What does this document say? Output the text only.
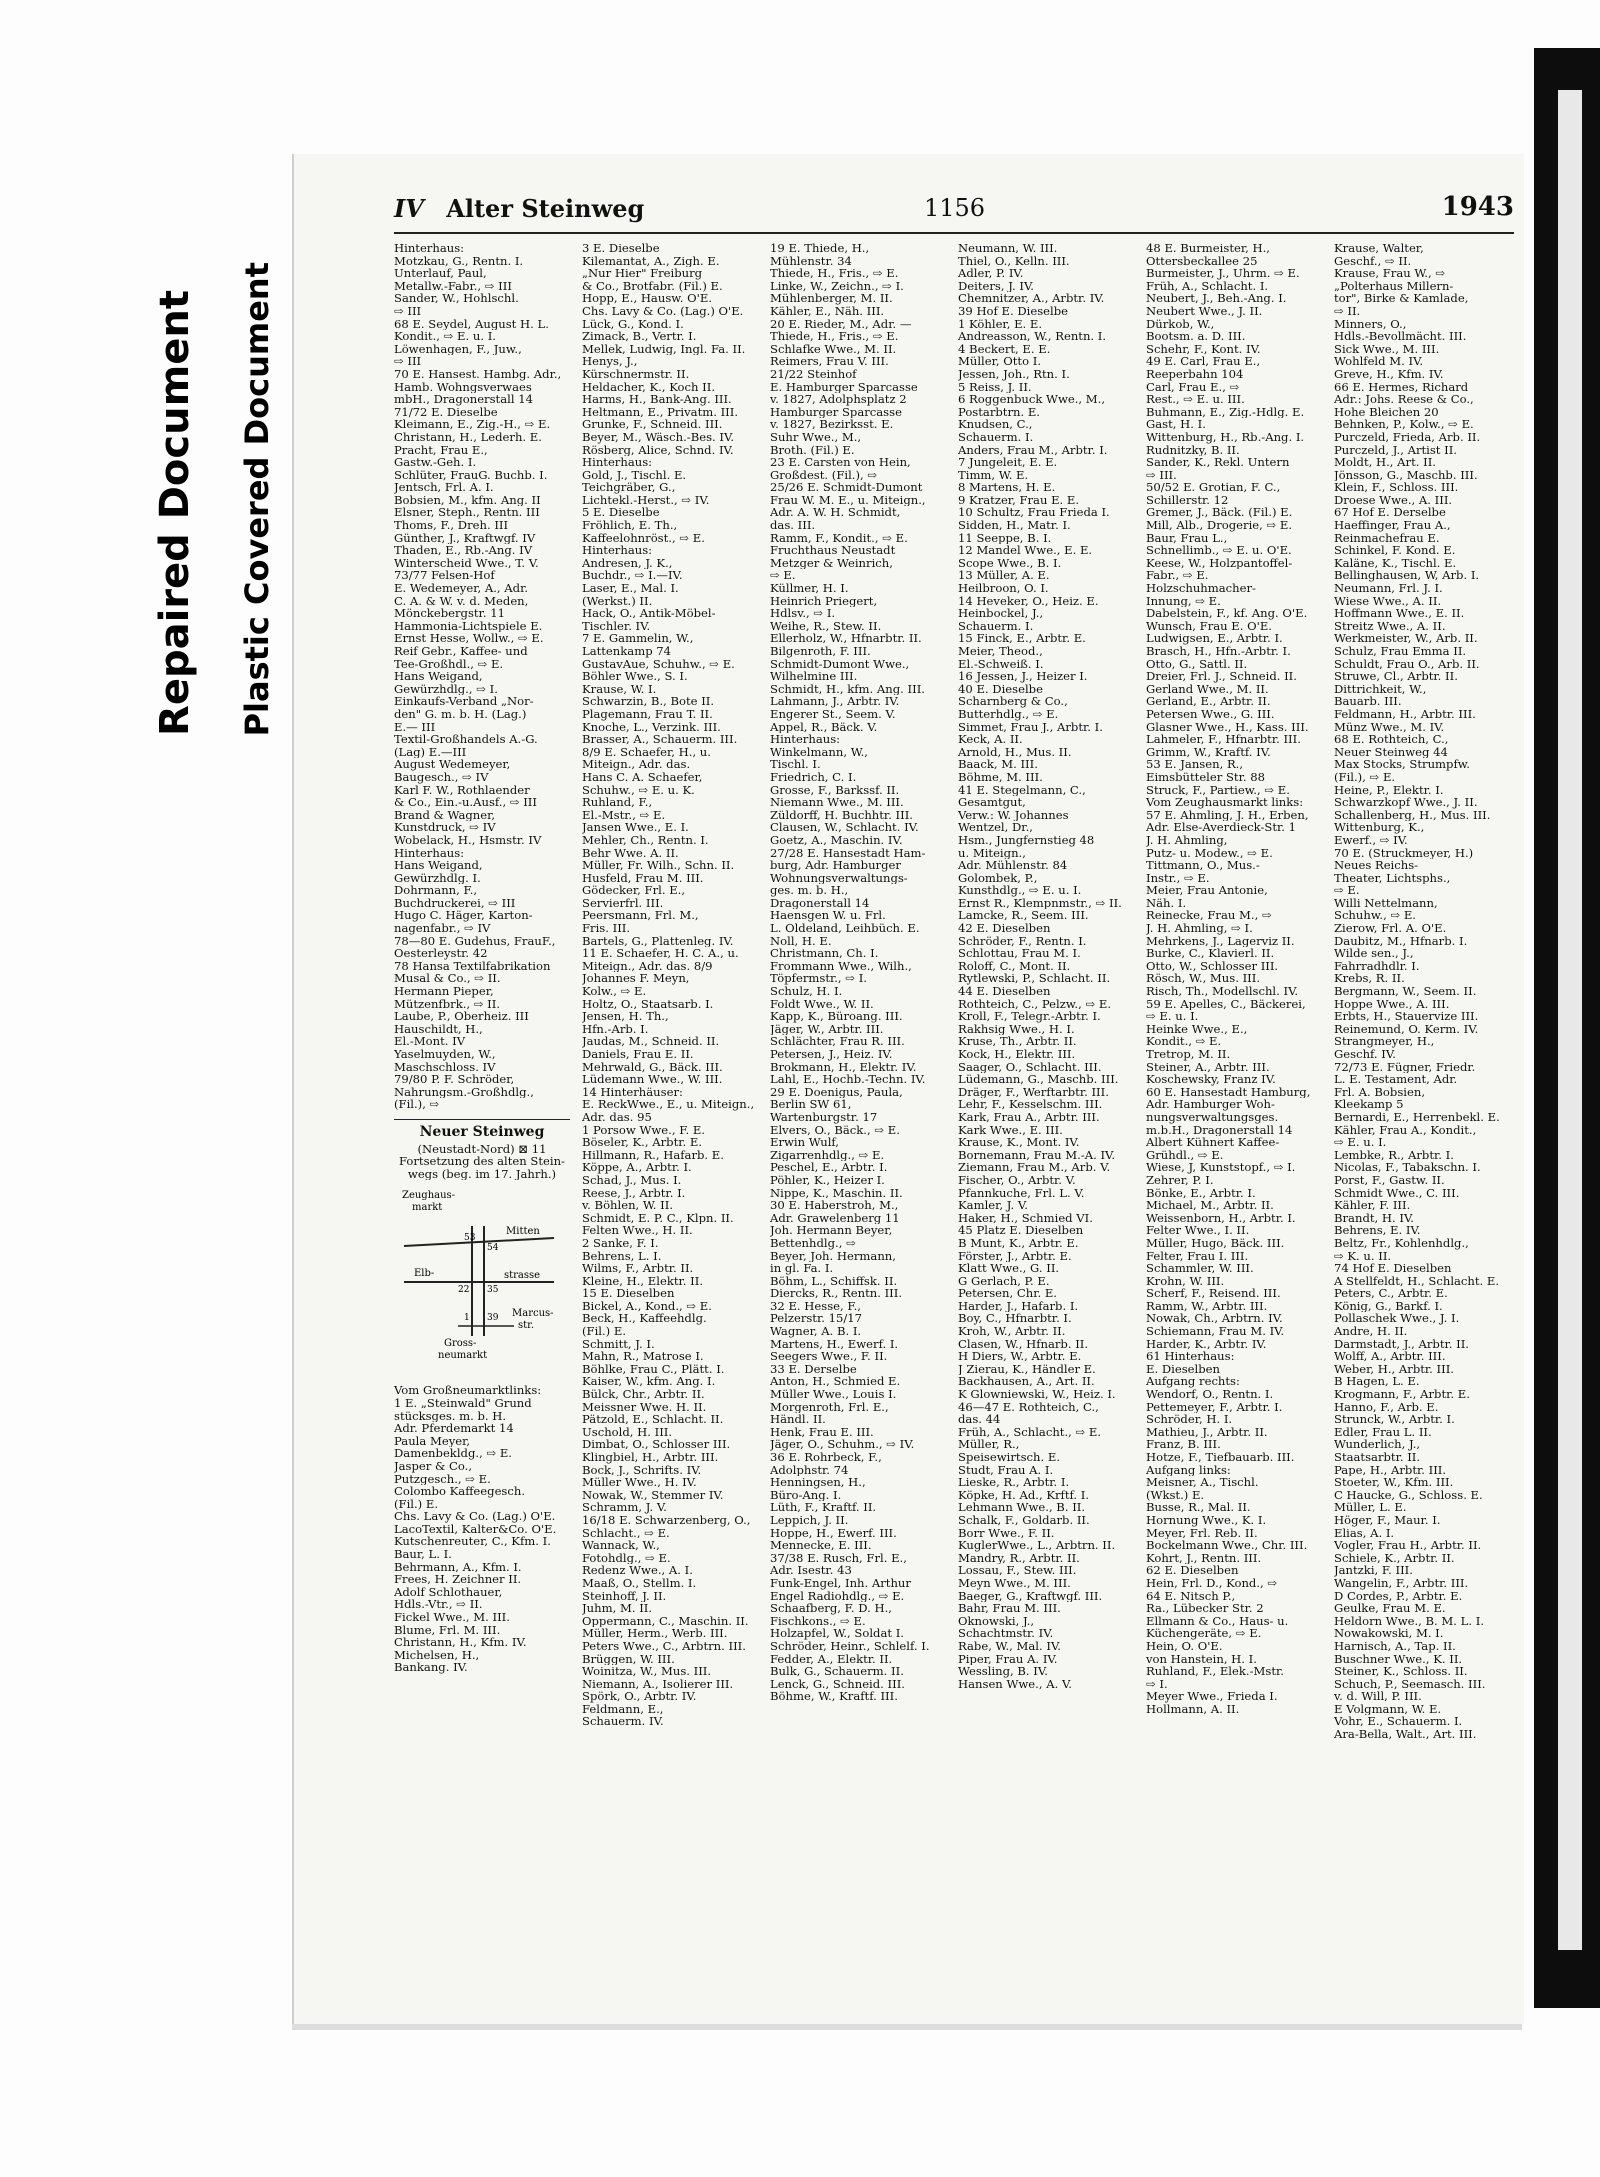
Repaired Document Plastic Covered Document
IV Alter Steinweg	1156	1943
Hinterhaus:
Motzkau, G., Rentn. I.
Unterlauf, Paul,
Metallw.-Fabr., ⇨ III
Sander, W., Hohlschl.
⇨ III
68 E. Seydel, August H. L.
Kondit., ⇨ E. u. I.
Löwenhagen, F., Juw.,
⇨ III
70 E. Hansest. Hambg. Adr.,
Hamb. Wohngsverwaes
mbH., Dragonerstall 14
71/72 E. Dieselbe
Kleimann, E., Zig.-H., ⇨ E.
Christann, H., Lederh. E.
Pracht, Frau E.,
Gastw.-Geh. I.
Schlüter, FrauG. Buchb. I.
Jentsch, Frl. A. I.
Bobsien, M., kfm. Ang. II
Elsner, Steph., Rentn. III
Thoms, F., Dreh. III
Günther, J., Kraftwgf. IV
Thaden, E., Rb.-Ang. IV
Winterscheid Wwe., T. V.
73/77 Felsen-Hof
E. Wedemeyer, A., Adr.
C. A. & W. v. d. Meden,
Mönckebergstr. 11
Hammonia-Lichtspiele E.
Ernst Hesse, Wollw., ⇨ E.
Reif Gebr., Kaffee- und
Tee-Großhdl., ⇨ E.
Hans Weigand,
Gewürzhdlg., ⇨ I.
Einkaufs-Verband „Nor-
den" G. m. b. H. (Lag.)
E.— III
Textil-Großhandels A.-G.
(Lag) E.—III
August Wedemeyer,
Baugesch., ⇨ IV
Karl F. W., Rothlaender
& Co., Ein.-u.Ausf., ⇨ III
Brand & Wagner,
Kunstdruck, ⇨ IV
Wobelack, H., Hsmstr. IV
Hinterhaus:
Hans Weigand,
Gewürzhdlg. I.
Dohrmann, F.,
Buchdruckerei, ⇨ III
Hugo C. Häger, Karton-
nagenfabr., ⇨ IV
78—80 E. Gudehus, FrauF.,
Oesterleystr. 42
78 Hansa Textilfabrikation
Musal & Co., ⇨ II.
Hermann Pieper,
Mützenfbrk., ⇨ II.
Laube, P., Oberheiz. III
Hauschildt, H.,
El.-Mont. IV
Yaselmuyden, W.,
Maschschloss. IV
79/80 P. F. Schröder,
Nahrungsm.-Großhdlg.,
(Fil.), ⇨
Neuer Steinweg
(Neustadt-Nord) ⊠ 11
Fortsetzung des alten Stein-
wegs (beg. im 17. Jahrh.)
Zeughaus-
markt
Mitten
53
54
Elb-	strasse
22 35
1 39 Marcus-
str.
Gross-
neumarkt
Vom Großneumarktlinks:
1 E. „Steinwald" Grund
stücksges. m. b. H.
Adr. Pferdemarkt 14
Paula Meyer,
Damenbekldg., ⇨ E.
Jasper & Co.,
Putzgesch., ⇨ E.
Colombo Kaffeegesch.
(Fil.) E.
Chs. Lavy & Co. (Lag.) O'E.
LacoTextil, Kalter&Co. O'E.
Kutschenreuter, C., Kfm. I.
Baur, L. I.
Behrmann, A., Kfm. I.
Frees, H. Zeichner II.
Adolf Schlothauer,
Hdls.-Vtr., ⇨ II.
Fickel Wwe., M. III.
Blume, Frl. M. III.
Christann, H., Kfm. IV.
Michelsen, H.,
Bankang. IV.
3 E. Dieselbe
Kilemantat, A., Zigh. E.
„Nur Hier" Freiburg
& Co., Brotfabr. (Fil.) E.
Hopp, E., Hausw. O'E.
Chs. Lavy & Co. (Lag.) O'E.
Lück, G., Kond. I.
Zimack, B., Vertr. I.
Mellek, Ludwig, Ingl. Fa. II.
Henys, J.,
Kürschnermstr. II.
Heldacher, K., Koch II.
Harms, H., Bank-Ang. III.
Heltmann, E., Privatm. III.
Grunke, F., Schneid. III.
Beyer, M., Wäsch.-Bes. IV.
Rösberg, Alice, Schnd. IV.
Hinterhaus:
Gold, J., Tischl. E.
Teichgräber, G.,
Lichtekl.-Herst., ⇨ IV.
5 E. Dieselbe
Fröhlich, E. Th.,
Kaffeelohnröst., ⇨ E.
Hinterhaus:
Andresen, J. K.,
Buchdr., ⇨ I.—IV.
Laser, E., Mal. I.
(Werkst.) II.
Hack, O., Antik-Möbel-
Tischler. IV.
7 E. Gammelin, W.,
Lattenkamp 74
GustavAue, Schuhw., ⇨ E.
Böhler Wwe., S. I.
Krause, W. I.
Schwarzin, B., Bote II.
Plagemann, Frau T. II.
Knoche, L., Verzink. III.
Brasser, A., Schauerm. III.
8/9 E. Schaefer, H., u.
Miteign., Adr. das.
Hans C. A. Schaefer,
Schuhw., ⇨ E. u. K.
Ruhland, F.,
El.-Mstr., ⇨ E.
Jansen Wwe., E. I.
Mehler, Ch., Rentn. I.
Behr Wwe. A. II.
Müller, Fr. Wilh., Schn. II.
Husfeld, Frau M. III.
Gödecker, Frl. E.,
Servierfrl. III.
Peersmann, Frl. M.,
Fris. III.
Bartels, G., Plattenleg. IV.
11 E. Schaefer, H. C. A., u.
Miteign., Adr. das. 8/9
Johannes F. Meyn,
Kolw., ⇨ E.
Holtz, O., Staatsarb. I.
Jensen, H. Th.,
Hfn.-Arb. I.
Jaudas, M., Schneid. II.
Daniels, Frau E. II.
Mehrwald, G., Bäck. III.
Lüdemann Wwe., W. III.
14 Hinterhäuser:
E. ReckWwe., E., u. Miteign.,
Adr. das. 95
1 Porsow Wwe., F. E.
Böseler, K., Arbtr. E.
Hillmann, R., Hafarb. E.
Köppe, A., Arbtr. I.
Schad, J., Mus. I.
Reese, J., Arbtr. I.
v. Böhlen, W. II.
Schmidt, E. P. C., Klpn. II.
Felten Wwe., H. II.
2 Sanke, F. I.
Behrens, L. I.
Wilms, F., Arbtr. II.
Kleine, H., Elektr. II.
15 E. Dieselben
Bickel, A., Kond., ⇨ E.
Beck, H., Kaffeehdlg.
(Fil.) E.
Schmitt, J. I.
Mahn, R., Matrose I.
Böhlke, Frau C., Plätt. I.
Kaiser, W., kfm. Ang. I.
Bülck, Chr., Arbtr. II.
Meissner Wwe. H. II.
Pätzold, E., Schlacht. II.
Uschold, H. III.
Dimbat, O., Schlosser III.
Klingbiel, H., Arbtr. III.
Bock, J., Schrifts. IV.
Müller Wwe., H. IV.
Nowak, W., Stemmer IV.
Schramm, J. V.
16/18 E. Schwarzenberg, O.,
Schlacht., ⇨ E.
Wannack, W.,
Fotohdlg., ⇨ E.
Redenz Wwe., A. I.
Maaß, O., Stellm. I.
Steinhoff, J. II.
Juhm, M. II.
Oppermann, C., Maschin. II.
Müller, Herm., Werb. III.
Peters Wwe., C., Arbtrn. III.
Brüggen, W. III.
Woinitza, W., Mus. III.
Niemann, A., Isolierer III.
Spörk, O., Arbtr. IV.
Feldmann, E.,
Schauerm. IV.
19 E. Thiede, H.,
Mühlenstr. 34
Thiede, H., Fris., ⇨ E.
Linke, W., Zeichn., ⇨ I.
Mühlenberger, M. II.
Kähler, E., Näh. III.
20 E. Rieder, M., Adr. —
Thiede, H., Fris., ⇨ E.
Schlafke Wwe., M. II.
Reimers, Frau V. III.
21/22 Steinhof
E. Hamburger Sparcasse
v. 1827, Adolphsplatz 2
Hamburger Sparcasse
v. 1827, Bezirksst. E.
Suhr Wwe., M.,
Broth. (Fil.) E.
23 E. Carsten von Hein,
Großdest. (Fil.), ⇨
25/26 E. Schmidt-Dumont
Frau W. M. E., u. Miteign.,
Adr. A. W. H. Schmidt,
das. III.
Ramm, F., Kondit., ⇨ E.
Fruchthaus Neustadt
Metzger & Weinrich,
⇨ E.
Küllmer, H. I.
Heinrich Priegert,
Hdlsv., ⇨ I.
Weihe, R., Stew. II.
Ellerholz, W., Hfnarbtr. II.
Bilgenroth, F. III.
Schmidt-Dumont Wwe.,
Wilhelmine III.
Schmidt, H., kfm. Ang. III.
Lahmann, J., Arbtr. IV.
Engerer St., Seem. V.
Appel, R., Bäck. V.
Hinterhaus:
Winkelmann, W.,
Tischl. I.
Friedrich, C. I.
Grosse, F., Barkssf. II.
Niemann Wwe., M. III.
Züldorff, H. Buchhtr. III.
Clausen, W., Schlacht. IV.
Goetz, A., Maschin. IV.
27/28 E. Hansestadt Ham-
burg, Adr. Hamburger
Wohnungsverwaltungs-
ges. m. b. H.,
Dragonerstall 14
Haensgen W. u. Frl.
L. Oldeland, Leihbüch. E.
Noll, H. E.
Christmann, Ch. I.
Frommann Wwe., Wilh.,
Töpfermstr., ⇨ I.
Schulz, H. I.
Foldt Wwe., W. II.
Kapp, K., Büroang. III.
Jäger, W., Arbtr. III.
Schlächter, Frau R. III.
Petersen, J., Heiz. IV.
Brokmann, H., Elektr. IV.
Lahl, E., Hochb.-Techn. IV.
29 E. Doenigus, Paula,
Berlin SW 61,
Wartenburgstr. 17
Elvers, O., Bäck., ⇨ E.
Erwin Wulf,
Zigarrenhdlg., ⇨ E.
Peschel, E., Arbtr. I.
Pöhler, K., Heizer I.
Nippe, K., Maschin. II.
30 E. Haberstroh, M.,
Adr. Grawelenberg 11
Joh. Hermann Beyer,
Bettenhdlg., ⇨
Beyer, Joh. Hermann,
in gl. Fa. I.
Böhm, L., Schiffsk. II.
Diercks, R., Rentn. III.
32 E. Hesse, F.,
Pelzerstr. 15/17
Wagner, A. B. I.
Martens, H., Ewerf. I.
Seegers Wwe., F. II.
33 E. Derselbe
Anton, H., Schmied E.
Müller Wwe., Louis I.
Morgenroth, Frl. E.,
Händl. II.
Henk, Frau E. III.
Jäger, O., Schuhm., ⇨ IV.
36 E. Rohrbeck, F.,
Adolphstr. 74
Henningsen, H.,
Büro-Ang. I.
Lüth, F., Kraftf. II.
Leppich, J. II.
Hoppe, H., Ewerf. III.
Mennecke, E. III.
37/38 E. Rusch, Frl. E.,
Adr. Isestr. 43
Funk-Engel, Inh. Arthur
Engel Radiohdlg., ⇨ E.
Schaafberg, F. D. H.,
Fischkons., ⇨ E.
Holzapfel, W., Soldat I.
Schröder, Heinr., Schlelf. I.
Fedder, A., Elektr. II.
Bulk, G., Schauerm. II.
Lenck, G., Schneid. III.
Böhme, W., Kraftf. III.
Neumann, W. III.
Thiel, O., Kelln. III.
Adler, P. IV.
Deiters, J. IV.
Chemnitzer, A., Arbtr. IV.
39 Hof E. Dieselbe
1 Köhler, E. E.
Andreasson, W., Rentn. I.
4 Beckert, E. E.
Müller, Otto I.
Jessen, Joh., Rtn. I.
5 Reiss, J. II.
6 Roggenbuck Wwe., M.,
Postarbtrn. E.
Knudsen, C.,
Schauerm. I.
Anders, Frau M., Arbtr. I.
7 Jungeleit, E. E.
Timm, W. E.
8 Martens, H. E.
9 Kratzer, Frau E. E.
10 Schultz, Frau Frieda I.
Sidden, H., Matr. I.
11 Seeppe, B. I.
12 Mandel Wwe., E. E.
Scope Wwe., B. I.
13 Müller, A. E.
Heilbroon, O. I.
14 Heveker, O., Heiz. E.
Heinbockel, J.,
Schauerm. I.
15 Finck, E., Arbtr. E.
Meier, Theod.,
El.-Schweiß. I.
16 Jessen, J., Heizer I.
40 E. Dieselbe
Scharnberg & Co.,
Butterhdlg., ⇨ E.
Simmet, Frau J., Arbtr. I.
Keck, A. II.
Arnold, H., Mus. II.
Baack, M. III.
Böhme, M. III.
41 E. Stegelmann, C.,
Gesamtgut,
Verw.: W. Johannes
Wentzel, Dr.,
Hsm., Jungfernstieg 48
u. Miteign.,
Adr. Mühlenstr. 84
Golombek, P.,
Kunsthdlg., ⇨ E. u. I.
Ernst R., Klempnmstr., ⇨ II.
Lamcke, R., Seem. III.
42 E. Dieselben
Schröder, F., Rentn. I.
Schlottau, Frau M. I.
Roloff, C., Mont. II.
Rytlewski, P., Schlacht. II.
44 E. Dieselben
Rothteich, C., Pelzw., ⇨ E.
Kroll, F., Telegr.-Arbtr. I.
Rakhsig Wwe., H. I.
Kruse, Th., Arbtr. II.
Kock, H., Elektr. III.
Saager, O., Schlacht. III.
Lüdemann, G., Maschb. III.
Dräger, F., Werftarbtr. III.
Lehr, F., Kesselschm. III.
Kark, Frau A., Arbtr. III.
Kark Wwe., E. III.
Krause, K., Mont. IV.
Bornemann, Frau M.-A. IV.
Ziemann, Frau M., Arb. V.
Fischer, O., Arbtr. V.
Pfannkuche, Frl. L. V.
Kamler, J. V.
Haker, H., Schmied VI.
45 Platz E. Dieselben
B Munt, K., Arbtr. E.
Förster, J., Arbtr. E.
Klatt Wwe., G. II.
G Gerlach, P. E.
Petersen, Chr. E.
Harder, J., Hafarb. I.
Boy, C., Hfnarbtr. I.
Kroh, W., Arbtr. II.
Clasen, W., Hfnarb. II.
H Diers, W., Arbtr. E.
J Zierau, K., Händler E.
Backhausen, A., Art. II.
K Glowniewski, W., Heiz. I.
46—47 E. Rothteich, C.,
das. 44
Früh, A., Schlacht., ⇨ E.
Müller, R.,
Speisewirtsch. E.
Studt, Frau A. I.
Lieske, R., Arbtr. I.
Köpke, H. Ad., Krftf. I.
Lehmann Wwe., B. II.
Schalk, F., Goldarb. II.
Borr Wwe., F. II.
KuglerWwe., L., Arbtrn. II.
Mandry, R., Arbtr. II.
Lossau, F., Stew. III.
Meyn Wwe., M. III.
Baeger, G., Kraftwgf. III.
Bahr, Frau M. III.
Oknowski, J.,
Schachtmstr. IV.
Rabe, W., Mal. IV.
Piper, Frau A. IV.
Wessling, B. IV.
Hansen Wwe., A. V.
48 E. Burmeister, H.,
Ottersbeckallee 25
Burmeister, J., Uhrm. ⇨ E.
Früh, A., Schlacht. I.
Neubert, J., Beh.-Ang. I.
Neubert Wwe., J. II.
Dürkob, W.,
Bootsm. a. D. III.
Schehr, F., Kont. IV.
49 E. Carl, Frau E.,
Reeperbahn 104
Carl, Frau E., ⇨
Rest., ⇨ E. u. III.
Buhmann, E., Zig.-Hdlg. E.
Gast, H. I.
Wittenburg, H., Rb.-Ang. I.
Rudnitzky, B. II.
Sander, K., Rekl. Untern
⇨ III.
50/52 E. Grotian, F. C.,
Schillerstr. 12
Gremer, J., Bäck. (Fil.) E.
Mill, Alb., Drogerie, ⇨ E.
Baur, Frau L.,
Schnellimb., ⇨ E. u. O'E.
Keese, W., Holzpantoffel-
Fabr., ⇨ E.
Holzschuhmacher-
Innung, ⇨ E.
Dabelstein, F., kf. Ang. O'E.
Wunsch, Frau E. O'E.
Ludwigsen, E., Arbtr. I.
Brasch, H., Hfn.-Arbtr. I.
Otto, G., Sattl. II.
Dreier, Frl. J., Schneid. II.
Gerland Wwe., M. II.
Gerland, E., Arbtr. II.
Petersen Wwe., G. III.
Glasner Wwe., H., Kass. III.
Lahmeler, F., Hfnarbtr. III.
Grimm, W., Kraftf. IV.
53 E. Jansen, R.,
Eimsbütteler Str. 88
Struck, F., Partiew., ⇨ E.
Vom Zeughausmarkt links:
57 E. Ahmling, J. H., Erben,
Adr. Else-Averdieck-Str. 1
J. H. Ahmling,
Putz- u. Modew., ⇨ E.
Tittmann, O., Mus.-
Instr., ⇨ E.
Meier, Frau Antonie,
Näh. I.
Reinecke, Frau M., ⇨
J. H. Ahmling, ⇨ I.
Mehrkens, J., Lagerviz II.
Burke, C., Klavierl. II.
Otto, W., Schlosser III.
Rösch, W., Mus. III.
Risch, Th., Modellschl. IV.
59 E. Apelles, C., Bäckerei,
⇨ E. u. I.
Heinke Wwe., E.,
Kondit., ⇨ E.
Tretrop, M. II.
Steiner, A., Arbtr. III.
Koschewsky, Franz IV.
60 E. Hansestadt Hamburg,
Adr. Hamburger Woh-
nungsverwaltungsges.
m.b.H., Dragonerstall 14
Albert Kühnert Kaffee-
Grühdl., ⇨ E.
Wiese, J, Kunststopf., ⇨ I.
Zehrer, P. I.
Bönke, E., Arbtr. I.
Michael, M., Arbtr. II.
Weissenborn, H., Arbtr. I.
Felter Wwe., I. II.
Müller, Hugo, Bäck. III.
Felter, Frau I. III.
Schammler, W. III.
Krohn, W. III.
Scherf, F., Reisend. III.
Ramm, W., Arbtr. III.
Nowak, Ch., Arbtrn. IV.
Schiemann, Frau M. IV.
Harder, K., Arbtr. IV.
61 Hinterhaus:
E. Dieselben
Aufgang rechts:
Wendorf, O., Rentn. I.
Pettemeyer, F., Arbtr. I.
Schröder, H. I.
Mathieu, J., Arbtr. II.
Franz, B. III.
Hotze, F., Tiefbauarb. III.
Aufgang links:
Meisner, A., Tischl.
(Wkst.) E.
Busse, R., Mal. II.
Hornung Wwe., K. I.
Meyer, Frl. Reb. II.
Bockelmann Wwe., Chr. III.
Kohrt, J., Rentn. III.
62 E. Dieselben
Hein, Frl. D., Kond., ⇨
64 E. Nitsch P.,
Ra., Lübecker Str. 2
Ellmann & Co., Haus- u.
Küchengeräte, ⇨ E.
Hein, O. O'E.
von Hanstein, H. I.
Ruhland, F., Elek.-Mstr.
⇨ I.
Meyer Wwe., Frieda I.
Hollmann, A. II.
Krause, Walter,
Geschf., ⇨ II.
Krause, Frau W., ⇨
„Polterhaus Millern-
tor", Birke & Kamlade,
⇨ II.
Minners, O.,
Hdls.-Bevollmächt. III.
Sick Wwe., M. III.
Wohlfeld M. IV.
Greve, H., Kfm. IV.
66 E. Hermes, Richard
Adr.: Johs. Reese & Co.,
Hohe Bleichen 20
Behnken, P., Kolw., ⇨ E.
Purczeld, Frieda, Arb. II.
Purczeld, J., Artist II.
Moldt, H., Art. II.
Jönsson, G., Maschb. III.
Klein, F., Schloss. III.
Droese Wwe., A. III.
67 Hof E. Derselbe
Haeffinger, Frau A.,
Reinmachefrau E.
Schinkel, F. Kond. E.
Kaläne, K., Tischl. E.
Bellinghausen, W, Arb. I.
Neumann, Frl. J. I.
Wiese Wwe., A. II.
Hoffmann Wwe., E. II.
Streitz Wwe., A. II.
Werkmeister, W., Arb. II.
Schulz, Frau Emma II.
Schuldt, Frau O., Arb. II.
Struwe, Cl., Arbtr. II.
Dittrichkeit, W.,
Bauarb. III.
Feldmann, H., Arbtr. III.
Münz Wwe., M. IV.
68 E. Rothteich, C.,
Neuer Steinweg 44
Max Stocks, Strumpfw.
(Fil.), ⇨ E.
Heine, P., Elektr. I.
Schwarzkopf Wwe., J. II.
Schallenberg, H., Mus. III.
Wittenburg, K.,
Ewerf., ⇨ IV.
70 E. (Struckmeyer, H.)
Neues Reichs-
Theater, Lichtsphs.,
⇨ E.
Willi Nettelmann,
Schuhw., ⇨ E.
Zierow, Frl. A. O'E.
Daubitz, M., Hfnarb. I.
Wilde sen., J.,
Fahrradhdlr. I.
Krebs, R. II.
Bergmann, W., Seem. II.
Hoppe Wwe., A. III.
Erbts, H., Stauervize III.
Reinemund, O. Kerm. IV.
Strangmeyer, H.,
Geschf. IV.
72/73 E. Fügner, Friedr.
L. E. Testament, Adr.
Frl. A. Bobsien,
Kleekamp 5
Bernardi, E., Herrenbekl. E.
Kähler, Frau A., Kondit.,
⇨ E. u. I.
Lembke, R., Arbtr. I.
Nicolas, F., Tabakschn. I.
Porst, F., Gastw. II.
Schmidt Wwe., C. III.
Kähler, F. III.
Brandt, H. IV.
Behrens, E. IV.
Beltz, Fr., Kohlenhdlg.,
⇨ K. u. II.
74 Hof E. Dieselben
A Stellfeldt, H., Schlacht. E.
Peters, C., Arbtr. E.
König, G., Barkf. I.
Pollaschek Wwe., J. I.
Andre, H. II.
Darmstadt, J., Arbtr. II.
Wolff, A., Arbtr. III.
Weber, H., Arbtr. III.
B Hagen, L. E.
Krogmann, F., Arbtr. E.
Hanno, F., Arb. E.
Strunck, W., Arbtr. I.
Edler, Frau L. II.
Wunderlich, J.,
Staatsarbtr. II.
Pape, H., Arbtr. III.
Stoeter, W., Kfm. III.
C Haucke, G., Schloss. E.
Müller, L. E.
Höger, F., Maur. I.
Elias, A. I.
Vogler, Frau H., Arbtr. II.
Schiele, K., Arbtr. II.
Jantzki, F. III.
Wangelin, F., Arbtr. III.
D Cordes, P., Arbtr. E.
Geulke, Frau M. E.
Heldorn Wwe., B. M. L. I.
Nowakowski, M. I.
Harnisch, A., Tap. II.
Buschner Wwe., K. II.
Steiner, K., Schloss. II.
Schuch, P., Seemasch. III.
v. d. Will, P. III.
E Volgmann, W. E.
Vohr, E., Schauerm. I.
Ara-Bella, Walt., Art. III.
